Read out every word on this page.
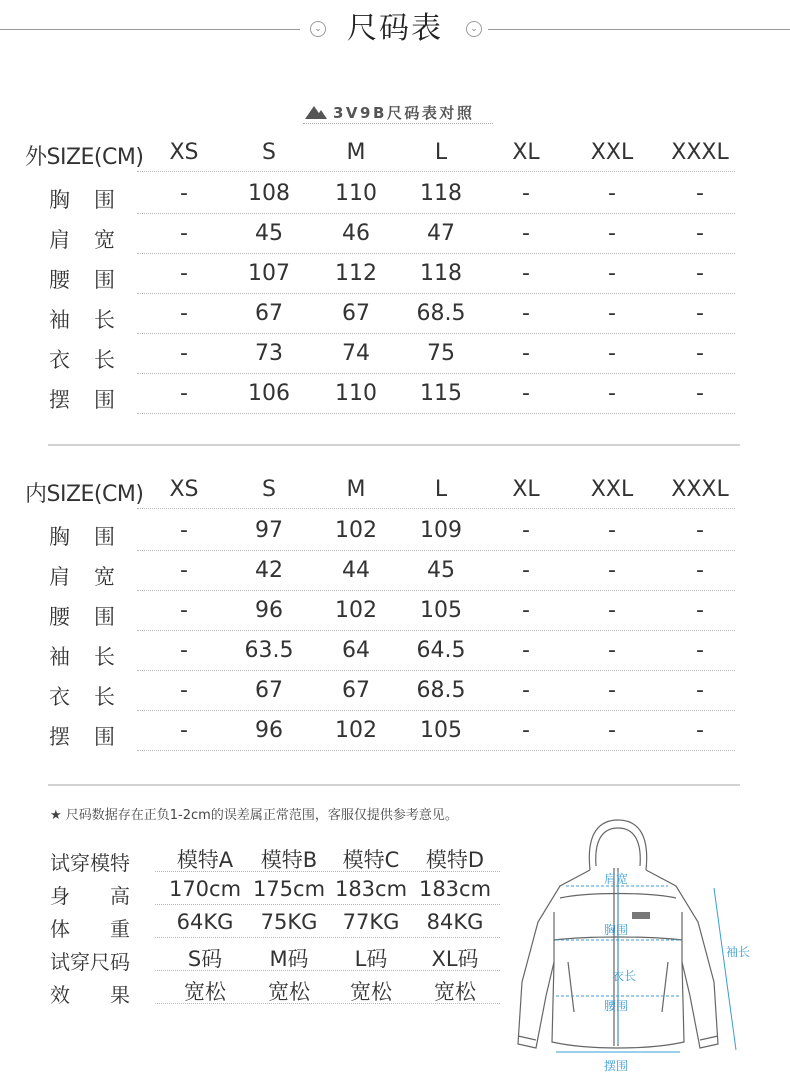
⌄ 尺码表	⌄
3V9B尺码表对照
外SIZE(CM)	XS	S	M	L	XL	XXL	XXXL
胸 围	-	108	110	118	-	-	-
肩 宽	-	45	46	47	-	-	-
腰 围	-	107	112	118	-	-	-
袖 长	-	67	67	68.5	-	-	-
衣 长	-	73	74	75	-	-	-
摆 围	-	106	110	115	-	-	-
内SIZE(CM)	XS	S	M	L	XL	XXL	XXXL
胸 围	-	97	102	109	-	-	-
肩 宽	-	42	44	45	-	-	-
腰 围	-	96	102	105	-	-	-
袖 长	-	63.5	64	64.5	-	-	-
衣 长	-	67	67	68.5	-	-	-
摆 围	-	96	102	105	-	-	-
★ 尺码数据存在正负1-2cm的误差属正常范围，客服仅提供参考意见。
试穿模特	模特A	模特B	模特C	模特D
身 高 170cm 175cm 183cm 183cm
体 重	64KG	75KG	77KG	84KG
试穿尺码	S码	M码	L码	XL码
效 果	宽松	宽松	宽松	宽松
肩宽
胸围
衣长
腰围
摆围
袖长
